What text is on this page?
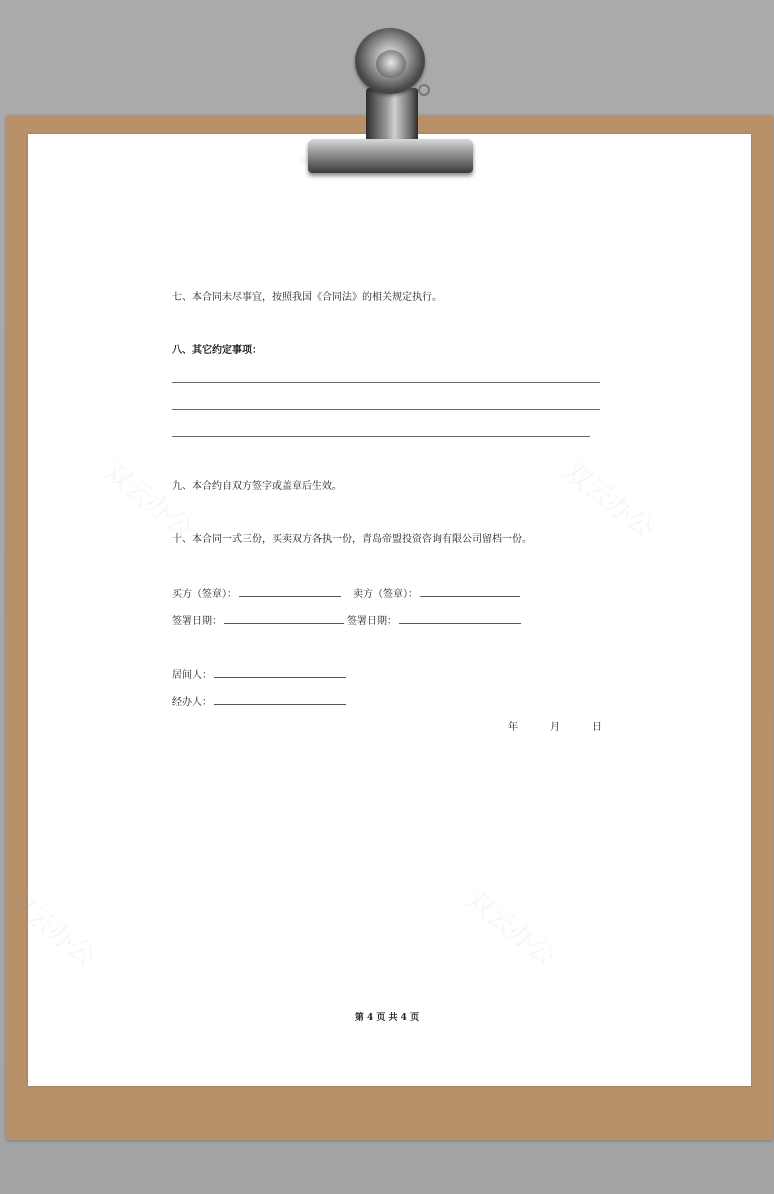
七、本合同未尽事宜，按照我国《合同法》的相关规定执行。
八、其它约定事项：
九、本合约自双方签字或盖章后生效。
十、本合同一式三份，买卖双方各执一份，青岛帝盟投资咨询有限公司留档一份。
买方（签章）：	卖方（签章）：
签署日期：	签署日期：
居间人：
经办人：
年	月	日
第 4 页 共 4 页
